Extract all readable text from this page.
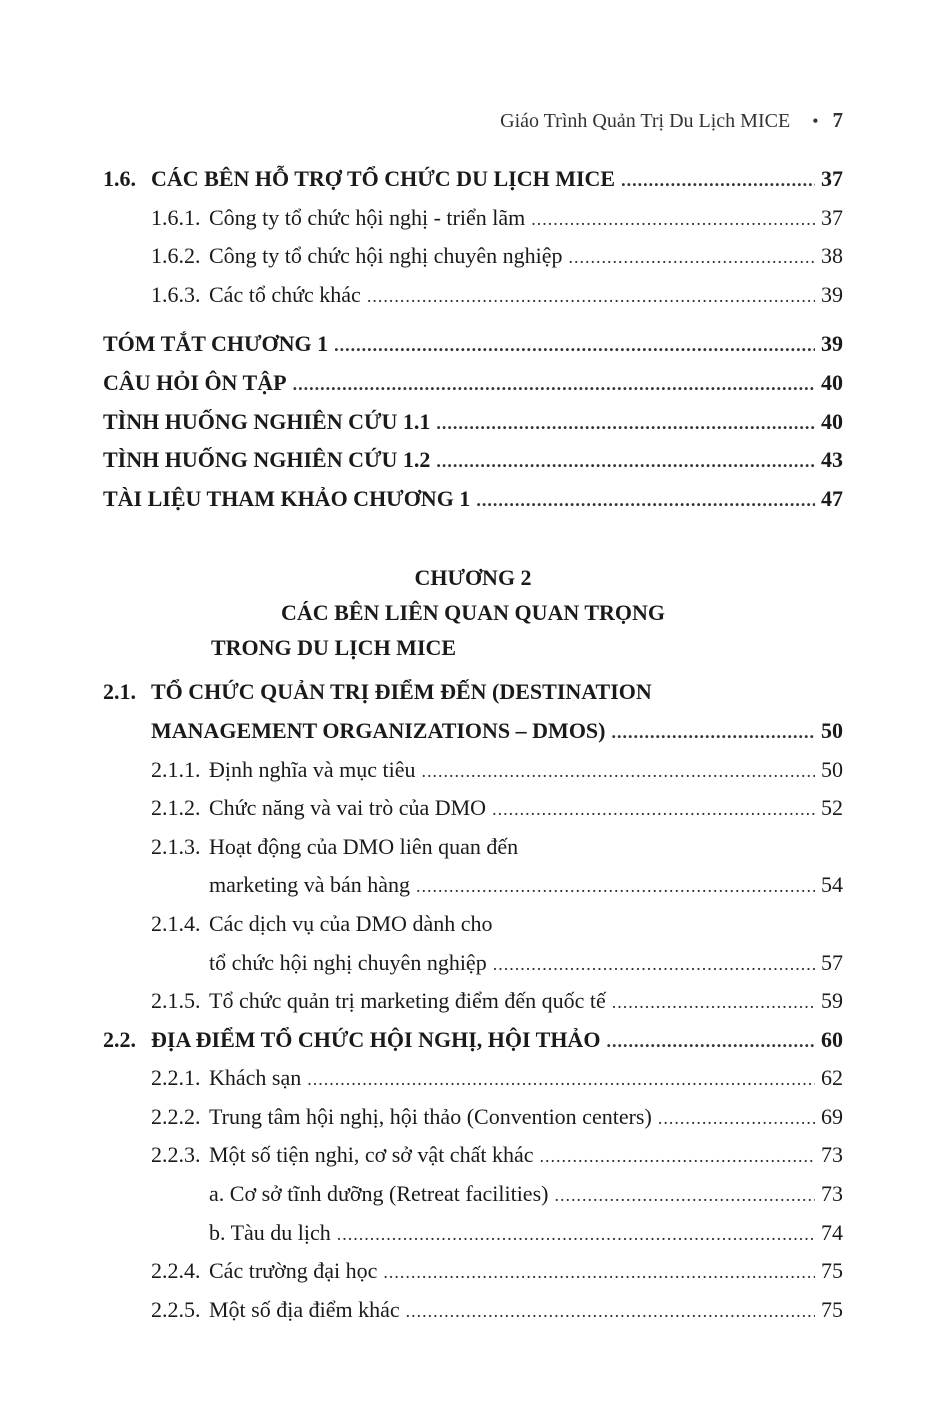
Giáo Trình Quản Trị Du Lịch MICE • 7
1.6. CÁC BÊN HỖ TRỢ TỔ CHỨC DU LỊCH MICE .....	37
1.6.1. Công ty tổ chức hội nghị - triển lãm .....	37
1.6.2. Công ty tổ chức hội nghị chuyên nghiệp .....	38
1.6.3. Các tổ chức khác .....	39
TÓM TẮT CHƯƠNG 1 .....	39
CÂU HỎI ÔN TẬP .....	40
TÌNH HUỐNG NGHIÊN CỨU 1.1 .....	40
TÌNH HUỐNG NGHIÊN CỨU 1.2 .....	43
TÀI LIỆU THAM KHẢO CHƯƠNG 1 .....	47
CHƯƠNG 2
CÁC BÊN LIÊN QUAN QUAN TRỌNG
TRONG DU LỊCH MICE
2.1. TỔ CHỨC QUẢN TRỊ ĐIỂM ĐẾN (DESTINATION
MANAGEMENT ORGANIZATIONS – DMOS) .....	50
2.1.1. Định nghĩa và mục tiêu .....	50
2.1.2. Chức năng và vai trò của DMO .....	52
2.1.3. Hoạt động của DMO liên quan đến
marketing và bán hàng .....	54
2.1.4. Các dịch vụ của DMO dành cho
tổ chức hội nghị chuyên nghiệp .....	57
2.1.5. Tổ chức quản trị marketing điểm đến quốc tế .....	59
2.2. ĐỊA ĐIỂM TỔ CHỨC HỘI NGHỊ, HỘI THẢO .....	60
2.2.1. Khách sạn .....	62
2.2.2. Trung tâm hội nghị, hội thảo (Convention centers) .....	69
2.2.3. Một số tiện nghi, cơ sở vật chất khác .....	73
a. Cơ sở tĩnh dưỡng (Retreat facilities) .....	73
b. Tàu du lịch .....	74
2.2.4. Các trường đại học .....	75
2.2.5. Một số địa điểm khác .....	75
